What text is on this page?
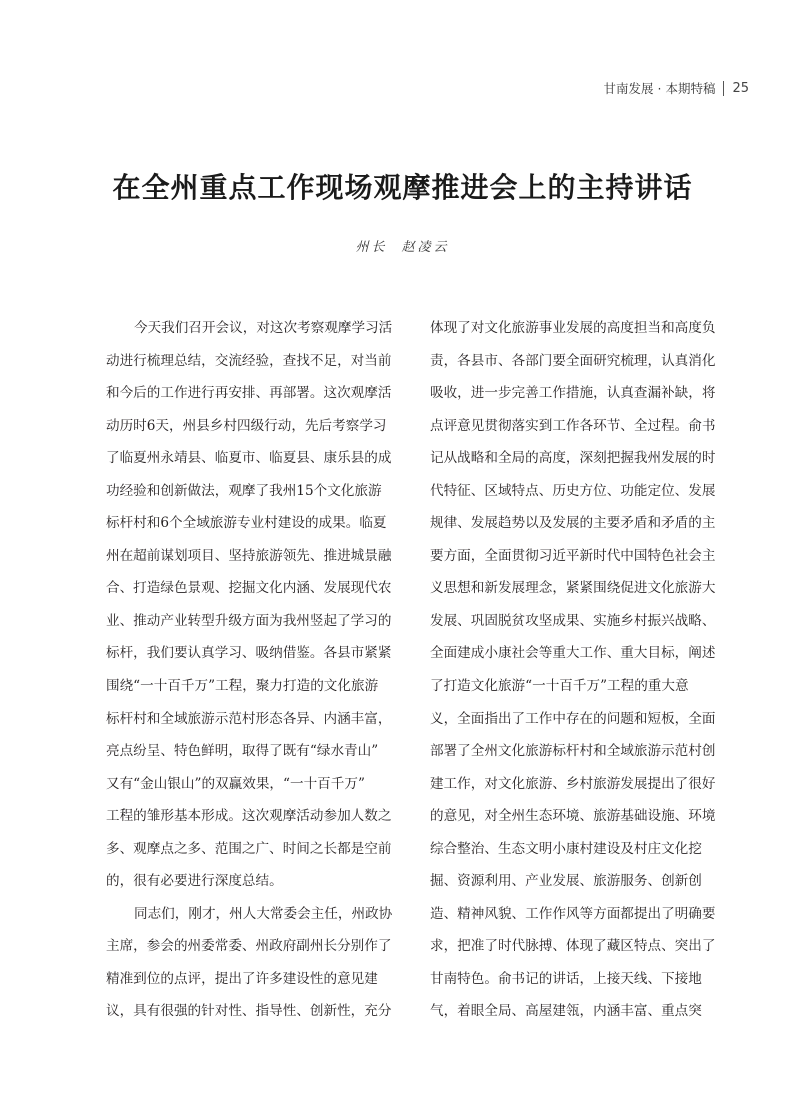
甘南发展 · 本期特稿 25
在全州重点工作现场观摩推进会上的主持讲话
州长 赵凌云
今天我们召开会议，对这次考察观摩学习活
动进行梳理总结，交流经验，查找不足，对当前
和今后的工作进行再安排、再部署。这次观摩活
动历时6天，州县乡村四级行动，先后考察学习
了临夏州永靖县、临夏市、临夏县、康乐县的成
功经验和创新做法，观摩了我州15个文化旅游
标杆村和6个全域旅游专业村建设的成果。临夏
州在超前谋划项目、坚持旅游领先、推进城景融
合、打造绿色景观、挖掘文化内涵、发展现代农
业、推动产业转型升级方面为我州竖起了学习的
标杆，我们要认真学习、吸纳借鉴。各县市紧紧
围绕“一十百千万”工程，聚力打造的文化旅游
标杆村和全域旅游示范村形态各异、内涵丰富，
亮点纷呈、特色鲜明，取得了既有“绿水青山”
又有“金山银山”的双赢效果，“一十百千万”
工程的雏形基本形成。这次观摩活动参加人数之
多、观摩点之多、范围之广、时间之长都是空前
的，很有必要进行深度总结。
同志们，刚才，州人大常委会主任，州政协
主席，参会的州委常委、州政府副州长分别作了
精准到位的点评，提出了许多建设性的意见建
议，具有很强的针对性、指导性、创新性，充分
体现了对文化旅游事业发展的高度担当和高度负
责，各县市、各部门要全面研究梳理，认真消化
吸收，进一步完善工作措施，认真查漏补缺，将
点评意见贯彻落实到工作各环节、全过程。俞书
记从战略和全局的高度，深刻把握我州发展的时
代特征、区域特点、历史方位、功能定位、发展
规律、发展趋势以及发展的主要矛盾和矛盾的主
要方面，全面贯彻习近平新时代中国特色社会主
义思想和新发展理念，紧紧围绕促进文化旅游大
发展、巩固脱贫攻坚成果、实施乡村振兴战略、
全面建成小康社会等重大工作、重大目标，阐述
了打造文化旅游“一十百千万”工程的重大意
义，全面指出了工作中存在的问题和短板，全面
部署了全州文化旅游标杆村和全域旅游示范村创
建工作，对文化旅游、乡村旅游发展提出了很好
的意见，对全州生态环境、旅游基础设施、环境
综合整治、生态文明小康村建设及村庄文化挖
掘、资源利用、产业发展、旅游服务、创新创
造、精神风貌、工作作风等方面都提出了明确要
求，把准了时代脉搏、体现了藏区特点、突出了
甘南特色。俞书记的讲话，上接天线、下接地
气，着眼全局、高屋建瓴，内涵丰富、重点突
